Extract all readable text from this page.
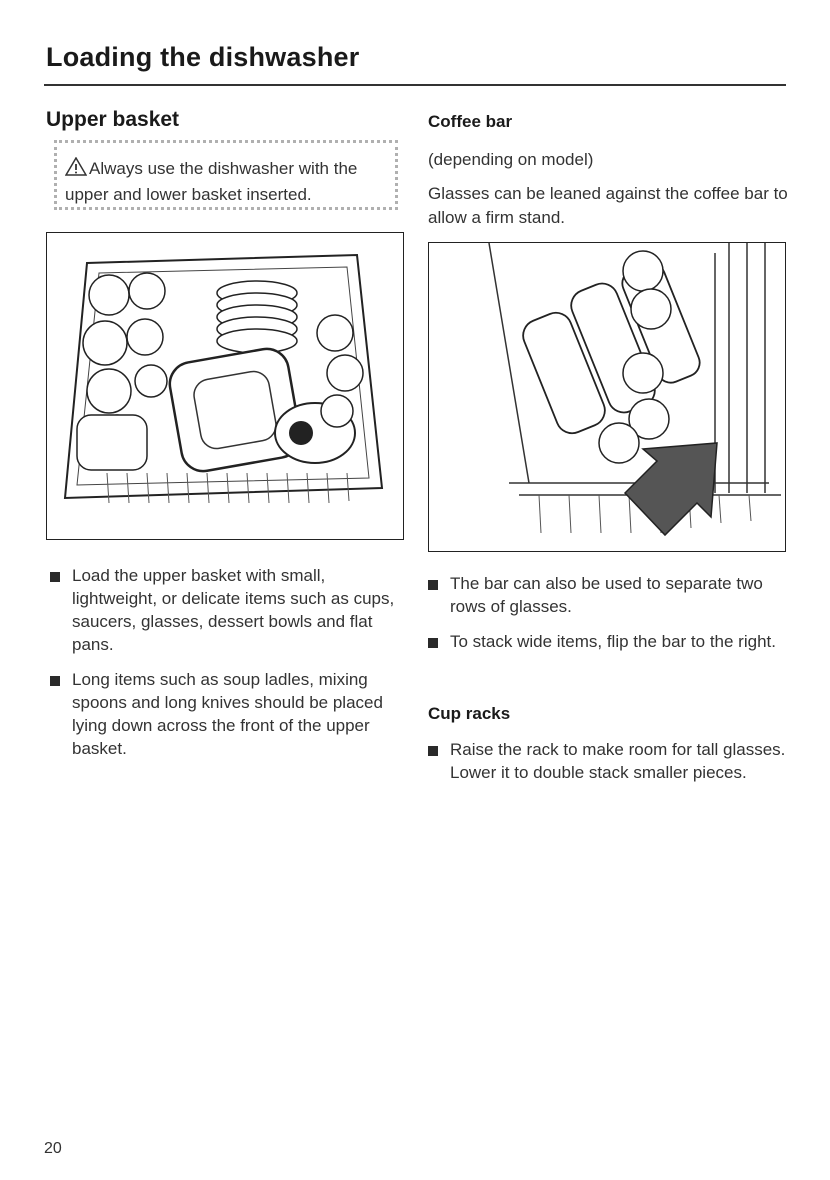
Loading the dishwasher
Upper basket
Always use the dishwasher with the upper and lower basket inserted.
Load the upper basket with small, lightweight, or delicate items such as cups, saucers, glasses, dessert bowls and flat pans.
Long items such as soup ladles, mixing spoons and long knives should be placed lying down across the front of the upper basket.
Coffee bar
(depending on model)
Glasses can be leaned against the coffee bar to allow a firm stand.
The bar can also be used to separate two rows of glasses.
To stack wide items, flip the bar to the right.
Cup racks
Raise the rack to make room for tall glasses. Lower it to double stack smaller pieces.
20
